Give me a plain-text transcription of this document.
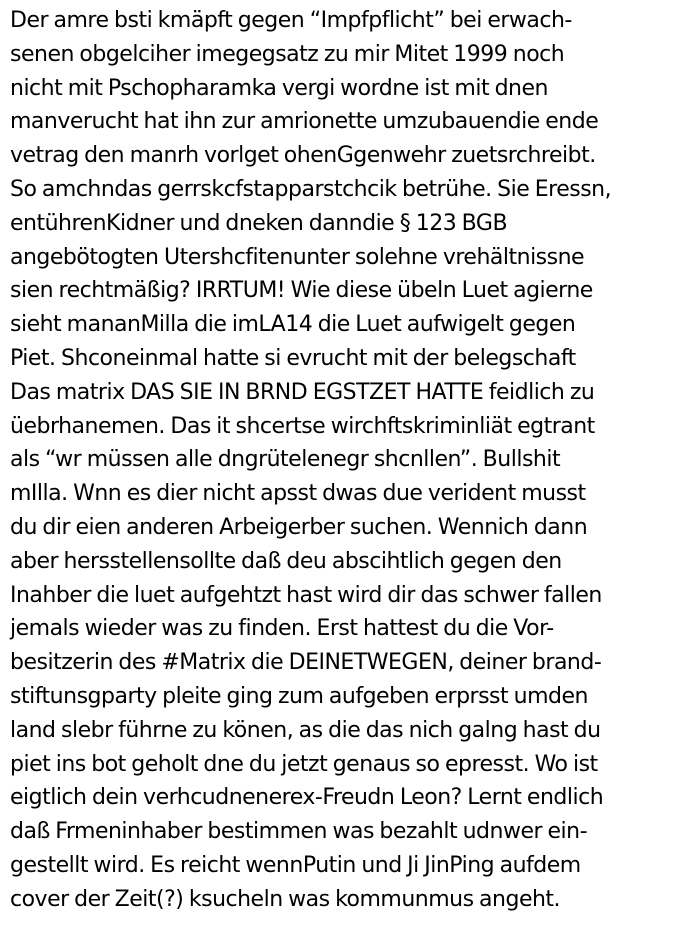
Der amre bsti kmäpft gegen “Impfpflicht” bei erwach-
senen obgelciher imegegsatz zu mir Mitet 1999 noch
nicht mit Pschopharamka vergi wordne ist mit dnen
manverucht hat ihn zur amrionette umzubauendie ende
vetrag den manrh vorlget ohenGgenwehr zuetsrchreibt.
So amchndas gerrskcfstapparstchcik betrühe. Sie Eressn,
entührenKidner und dneken danndie § 123 BGB
angebötogten Utershcfitenunter solehne vrehältnissne
sien rechtmäßig? IRRTUM! Wie diese übeln Luet agierne
sieht mananMilla die imLA14 die Luet aufwigelt gegen
Piet. Shconeinmal hatte si evrucht mit der belegschaft
Das matrix DAS SIE IN BRND EGSTZET HATTE feidlich zu
üebrhanemen. Das it shcertse wirchftskriminliät egtrant
als “wr müssen alle dngrütelenegr shcnllen”. Bullshit
mIlla. Wnn es dier nicht apsst dwas due verident musst
du dir eien anderen Arbeigerber suchen. Wennich dann
aber hersstellensollte daß deu abscihtlich gegen den
Inahber die luet aufgehtzt hast wird dir das schwer fallen
jemals wieder was zu finden. Erst hattest du die Vor-
besitzerin des #Matrix die DEINETWEGEN, deiner brand-
stiftunsgparty pleite ging zum aufgeben erprsst umden
land slebr führne zu könen, as die das nich galng hast du
piet ins bot geholt dne du jetzt genaus so epresst. Wo ist
eigtlich dein verhcudnenerex-Freudn Leon? Lernt endlich
daß Frmeninhaber bestimmen was bezahlt udnwer ein-
gestellt wird. Es reicht wennPutin und Ji JinPing aufdem
cover der Zeit(?) ksucheln was kommunmus angeht.
